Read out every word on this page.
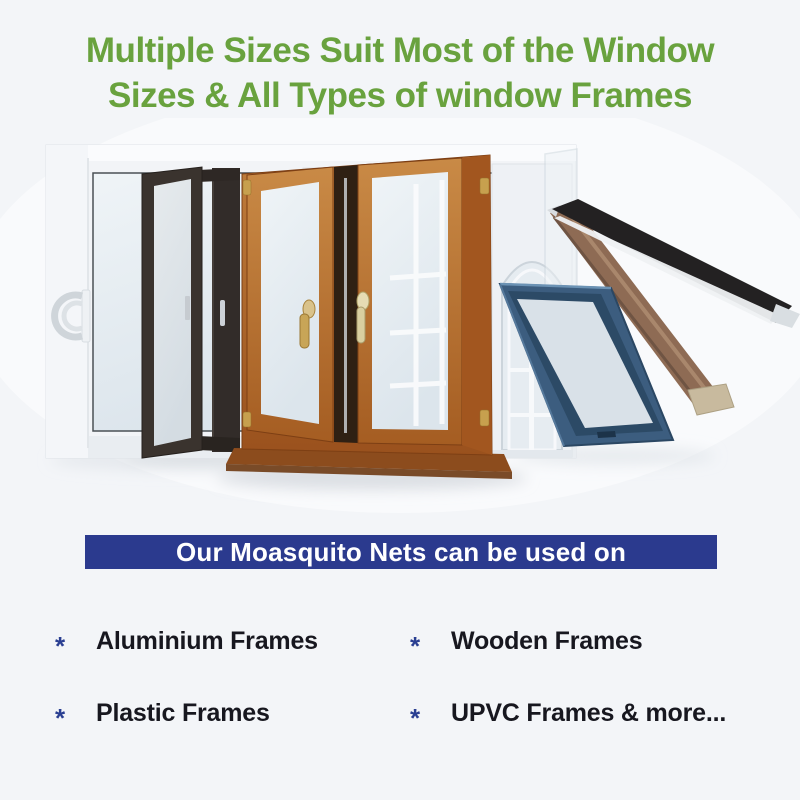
Multiple Sizes Suit Most of the Window
Sizes & All Types of window Frames
Our Moasquito Nets can be used on
* Aluminium Frames	* Wooden Frames
* Plastic Frames	* UPVC Frames & more...
